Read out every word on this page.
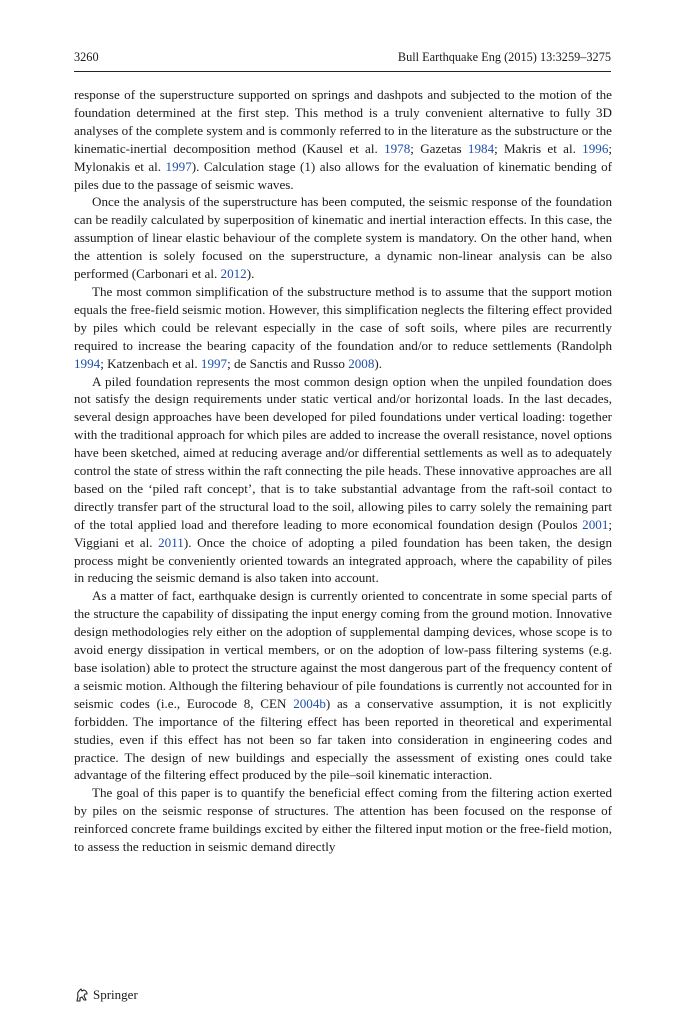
3260	Bull Earthquake Eng (2015) 13:3259–3275

response of the superstructure supported on springs and dashpots and subjected to the motion of the foundation determined at the first step. This method is a truly convenient alternative to fully 3D analyses of the complete system and is commonly referred to in the literature as the substructure or the kinematic-inertial decomposition method (Kausel et al. 1978; Gazetas 1984; Makris et al. 1996; Mylonakis et al. 1997). Calculation stage (1) also allows for the evaluation of kinematic bending of piles due to the passage of seismic waves.

Once the analysis of the superstructure has been computed, the seismic response of the foundation can be readily calculated by superposition of kinematic and inertial interaction effects. In this case, the assumption of linear elastic behaviour of the complete system is mandatory. On the other hand, when the attention is solely focused on the superstructure, a dynamic non-linear analysis can be also performed (Carbonari et al. 2012).

The most common simplification of the substructure method is to assume that the support motion equals the free-field seismic motion. However, this simplification neglects the filtering effect provided by piles which could be relevant especially in the case of soft soils, where piles are recurrently required to increase the bearing capacity of the foundation and/or to reduce settlements (Randolph 1994; Katzenbach et al. 1997; de Sanctis and Russo 2008).

A piled foundation represents the most common design option when the unpiled foundation does not satisfy the design requirements under static vertical and/or horizontal loads. In the last decades, several design approaches have been developed for piled foundations under vertical loading: together with the traditional approach for which piles are added to increase the overall resistance, novel options have been sketched, aimed at reducing average and/or differential settlements as well as to adequately control the state of stress within the raft connecting the pile heads. These innovative approaches are all based on the ‘piled raft concept’, that is to take substantial advantage from the raft-soil contact to directly transfer part of the structural load to the soil, allowing piles to carry solely the remaining part of the total applied load and therefore leading to more economical foundation design (Poulos 2001; Viggiani et al. 2011). Once the choice of adopting a piled foundation has been taken, the design process might be conveniently oriented towards an integrated approach, where the capability of piles in reducing the seismic demand is also taken into account.

As a matter of fact, earthquake design is currently oriented to concentrate in some special parts of the structure the capability of dissipating the input energy coming from the ground motion. Innovative design methodologies rely either on the adoption of supplemental damping devices, whose scope is to avoid energy dissipation in vertical members, or on the adoption of low-pass filtering systems (e.g. base isolation) able to protect the structure against the most dangerous part of the frequency content of a seismic motion. Although the filtering behaviour of pile foundations is currently not accounted for in seismic codes (i.e., Eurocode 8, CEN 2004b) as a conservative assumption, it is not explicitly forbidden. The importance of the filtering effect has been reported in theoretical and experimental studies, even if this effect has not been so far taken into consideration in engineering codes and practice. The design of new buildings and especially the assessment of existing ones could take advantage of the filtering effect produced by the pile–soil kinematic interaction.

The goal of this paper is to quantify the beneficial effect coming from the filtering action exerted by piles on the seismic response of structures. The attention has been focused on the response of reinforced concrete frame buildings excited by either the filtered input motion or the free-field motion, to assess the reduction in seismic demand directly

Springer
